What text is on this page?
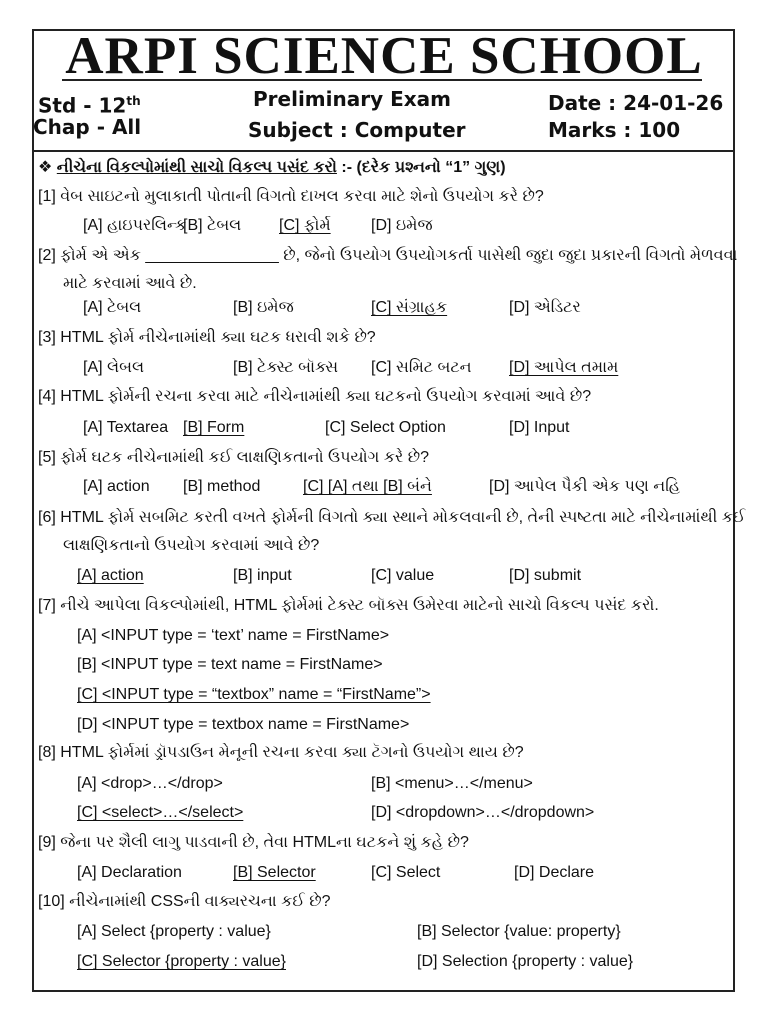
ARPI SCIENCE SCHOOL
Std - 12th
Chap - All
Preliminary Exam
Subject : Computer
Date : 24-01-26
Marks : 100
❖ નીચેના વિકલ્પોમાંથી સાચો વિકલ્પ પસંદ કરો :- (દરેક પ્રશ્નનો “1” ગુણ)
[1] વેબ સાઇટનો મુલાકાતી પોતાની વિગતો દાખલ કરવા માટે શેનો ઉપયોગ કરે છે?
[A] હાઇપરલિન્ક
[B] ટેબલ [C] ફોર્મ	[D] ઇમેજ
[2] ફોર્મ એ એક _______________ છે, જેનો ઉપયોગ ઉપયોગકર્તા પાસેથી જુદા જુદા પ્રકારની વિગતો મેળવવા
માટે કરવામાં આવે છે.
[A] ટેબલ	[B] ઇમેજ	[C] સંગ્રાહક	[D] એડિટર
[3] HTML ફોર્મ નીચેનામાંથી ક્યા ઘટક ધરાવી શકે છે?
[A] લેબલ	[B] ટેક્સ્ટ બૉક્સ [C] સમિટ બટન [D] આપેલ તમામ
[4] HTML ફોર્મની રચના કરવા માટે નીચેનામાંથી ક્યા ઘટકનો ઉપયોગ કરવામાં આવે છે?
[A] Textarea [B] Form	[C] Select Option	[D] Input
[5] ફોર્મ ઘટક નીચેનામાંથી કઈ લાક્ષણિકતાનો ઉપયોગ કરે છે?
[A] action [B] method	[C] [A] તથા [B] બંને	[D] આપેલ પૈકી એક પણ નહિ
[6] HTML ફોર્મ સબમિટ કરતી વખતે ફોર્મની વિગતો ક્યા સ્થાને મોકલવાની છે, તેની સ્પષ્ટતા માટે નીચેનામાંથી કઈ
લાક્ષણિકતાનો ઉપયોગ કરવામાં આવે છે?
[A] action	[B] input	[C] value	[D] submit
[7] નીચે આપેલા વિકલ્પોમાંથી, HTML ફોર્મમાં ટેક્સ્ટ બૉક્સ ઉમેરવા માટેનો સાચો વિકલ્પ પસંદ કરો.
[A] <INPUT type = ‘text’ name = FirstName>
[B] <INPUT type = text name = FirstName>
[C] <INPUT type = “textbox” name = “FirstName”>
[D] <INPUT type = textbox name = FirstName>
[8] HTML ફોર્મમાં ડ્રૉપડાઉન મેનૂની રચના કરવા ક્યા ટૅગનો ઉપયોગ થાય છે?
[A] <drop>…</drop>	[B] <menu>…</menu>
[C] <select>…</select>	[D] <dropdown>…</dropdown>
[9] જેના પર શૈલી લાગુ પાડવાની છે, તેવા HTMLના ઘટકને શું કહે છે?
[A] Declaration	[B] Selector	[C] Select	[D] Declare
[10] નીચેનામાંથી CSSની વાક્યરચના કઈ છે?
[A] Select {property : value}	[B] Selector {value: property}
[C] Selector {property : value}	[D] Selection {property : value}
